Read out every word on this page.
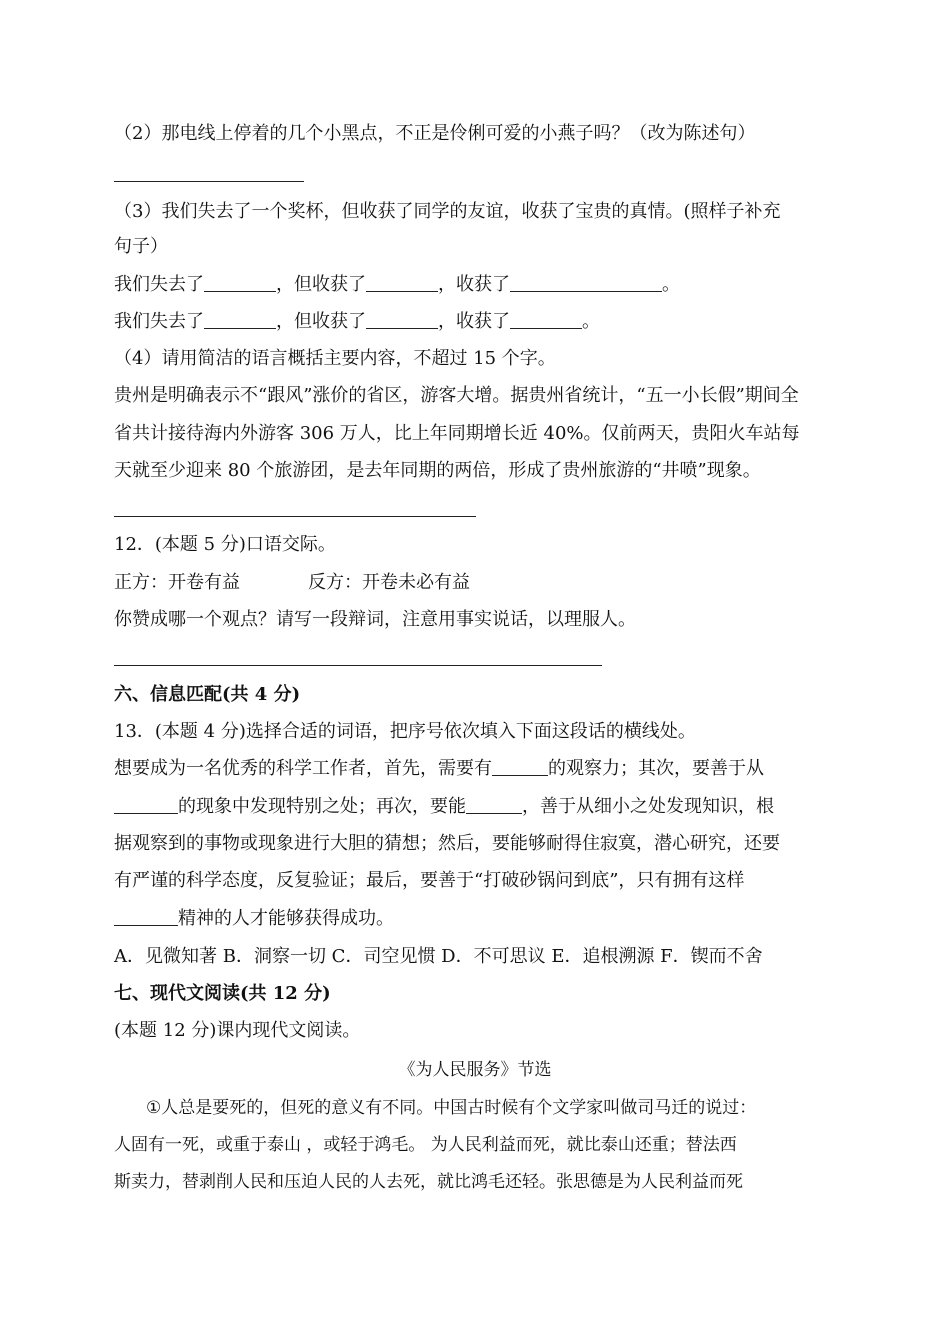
（2）那电线上停着的几个小黑点，不正是伶俐可爱的小燕子吗？（改为陈述句）
（3）我们失去了一个奖杯，但收获了同学的友谊，收获了宝贵的真情。(照样子补充
句子）
我们失去了	，但收获了	，收获了	。
我们失去了	，但收获了	，收获了	。
（4）请用简洁的语言概括主要内容，不超过 15 个字。
贵州是明确表示不“跟风”涨价的省区，游客大增。据贵州省统计，“五一小长假”期间全
省共计接待海内外游客 306 万人，比上年同期增长近 40%。仅前两天，贵阳火车站每
天就至少迎来 80 个旅游团，是去年同期的两倍，形成了贵州旅游的“井喷”现象。
12．(本题 5 分)口语交际。
正方：开卷有益	反方：开卷未必有益
你赞成哪一个观点？请写一段辩词，注意用事实说话，以理服人。
六、信息匹配(共 4 分)
13．(本题 4 分)选择合适的词语，把序号依次填入下面这段话的横线处。
想要成为一名优秀的科学工作者，首先，需要有	的观察力；其次，要善于从
的现象中发现特别之处；再次，要能	，善于从细小之处发现知识，根
据观察到的事物或现象进行大胆的猜想；然后，要能够耐得住寂寞，潜心研究，还要
有严谨的科学态度，反复验证；最后，要善于“打破砂锅问到底”，只有拥有这样
精神的人才能够获得成功。
A．见微知著 B．洞察一切 C．司空见惯 D．不可思议 E．追根溯源 F．锲而不舍
七、现代文阅读(共 12 分)
(本题 12 分)课内现代文阅读。
《为人民服务》节选
①人总是要死的，但死的意义有不同。中国古时候有个文学家叫做司马迁的说过：
人固有一死，或重于泰山 ，或轻于鸿毛。 为人民利益而死，就比泰山还重；替法西
斯卖力，替剥削人民和压迫人民的人去死，就比鸿毛还轻。张思德是为人民利益而死
